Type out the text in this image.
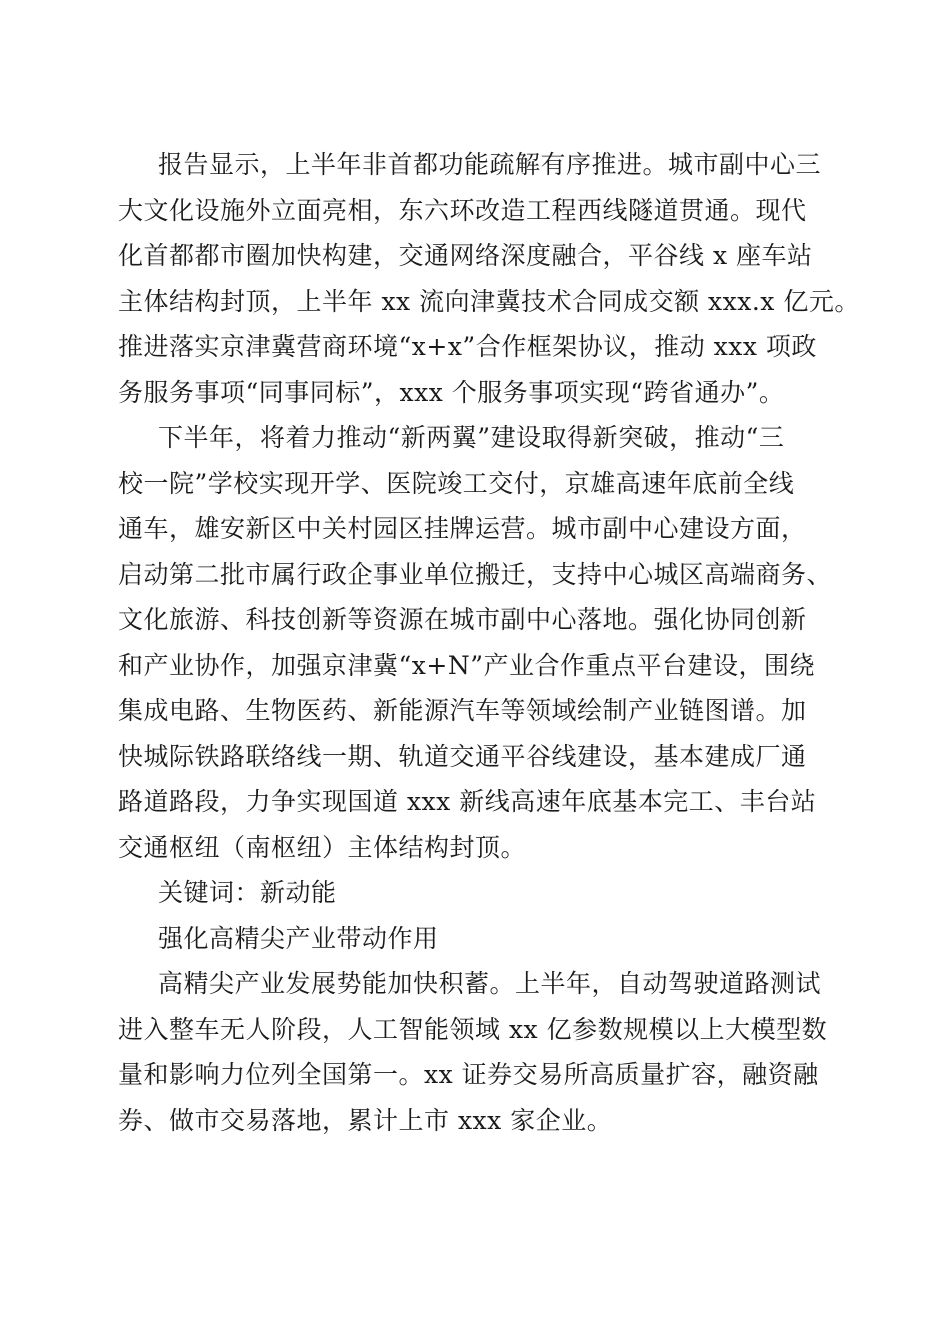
报告显示，上半年非首都功能疏解有序推进。城市副中心三
大文化设施外立面亮相，东六环改造工程西线隧道贯通。现代
化首都都市圈加快构建，交通网络深度融合，平谷线 x 座车站
主体结构封顶，上半年 xx 流向津冀技术合同成交额 xxx.x 亿元。
推进落实京津冀营商环境“x+x”合作框架协议，推动 xxx 项政
务服务事项“同事同标”，xxx 个服务事项实现“跨省通办”。
下半年，将着力推动“新两翼”建设取得新突破，推动“三
校一院”学校实现开学、医院竣工交付，京雄高速年底前全线
通车，雄安新区中关村园区挂牌运营。城市副中心建设方面，
启动第二批市属行政企事业单位搬迁，支持中心城区高端商务、
文化旅游、科技创新等资源在城市副中心落地。强化协同创新
和产业协作，加强京津冀“x+N”产业合作重点平台建设，围绕
集成电路、生物医药、新能源汽车等领域绘制产业链图谱。加
快城际铁路联络线一期、轨道交通平谷线建设，基本建成厂通
路道路段，力争实现国道 xxx 新线高速年底基本完工、丰台站
交通枢纽（南枢纽）主体结构封顶。
关键词：新动能
强化高精尖产业带动作用
高精尖产业发展势能加快积蓄。上半年，自动驾驶道路测试
进入整车无人阶段，人工智能领域 xx 亿参数规模以上大模型数
量和影响力位列全国第一。xx 证券交易所高质量扩容，融资融
券、做市交易落地，累计上市 xxx 家企业。
